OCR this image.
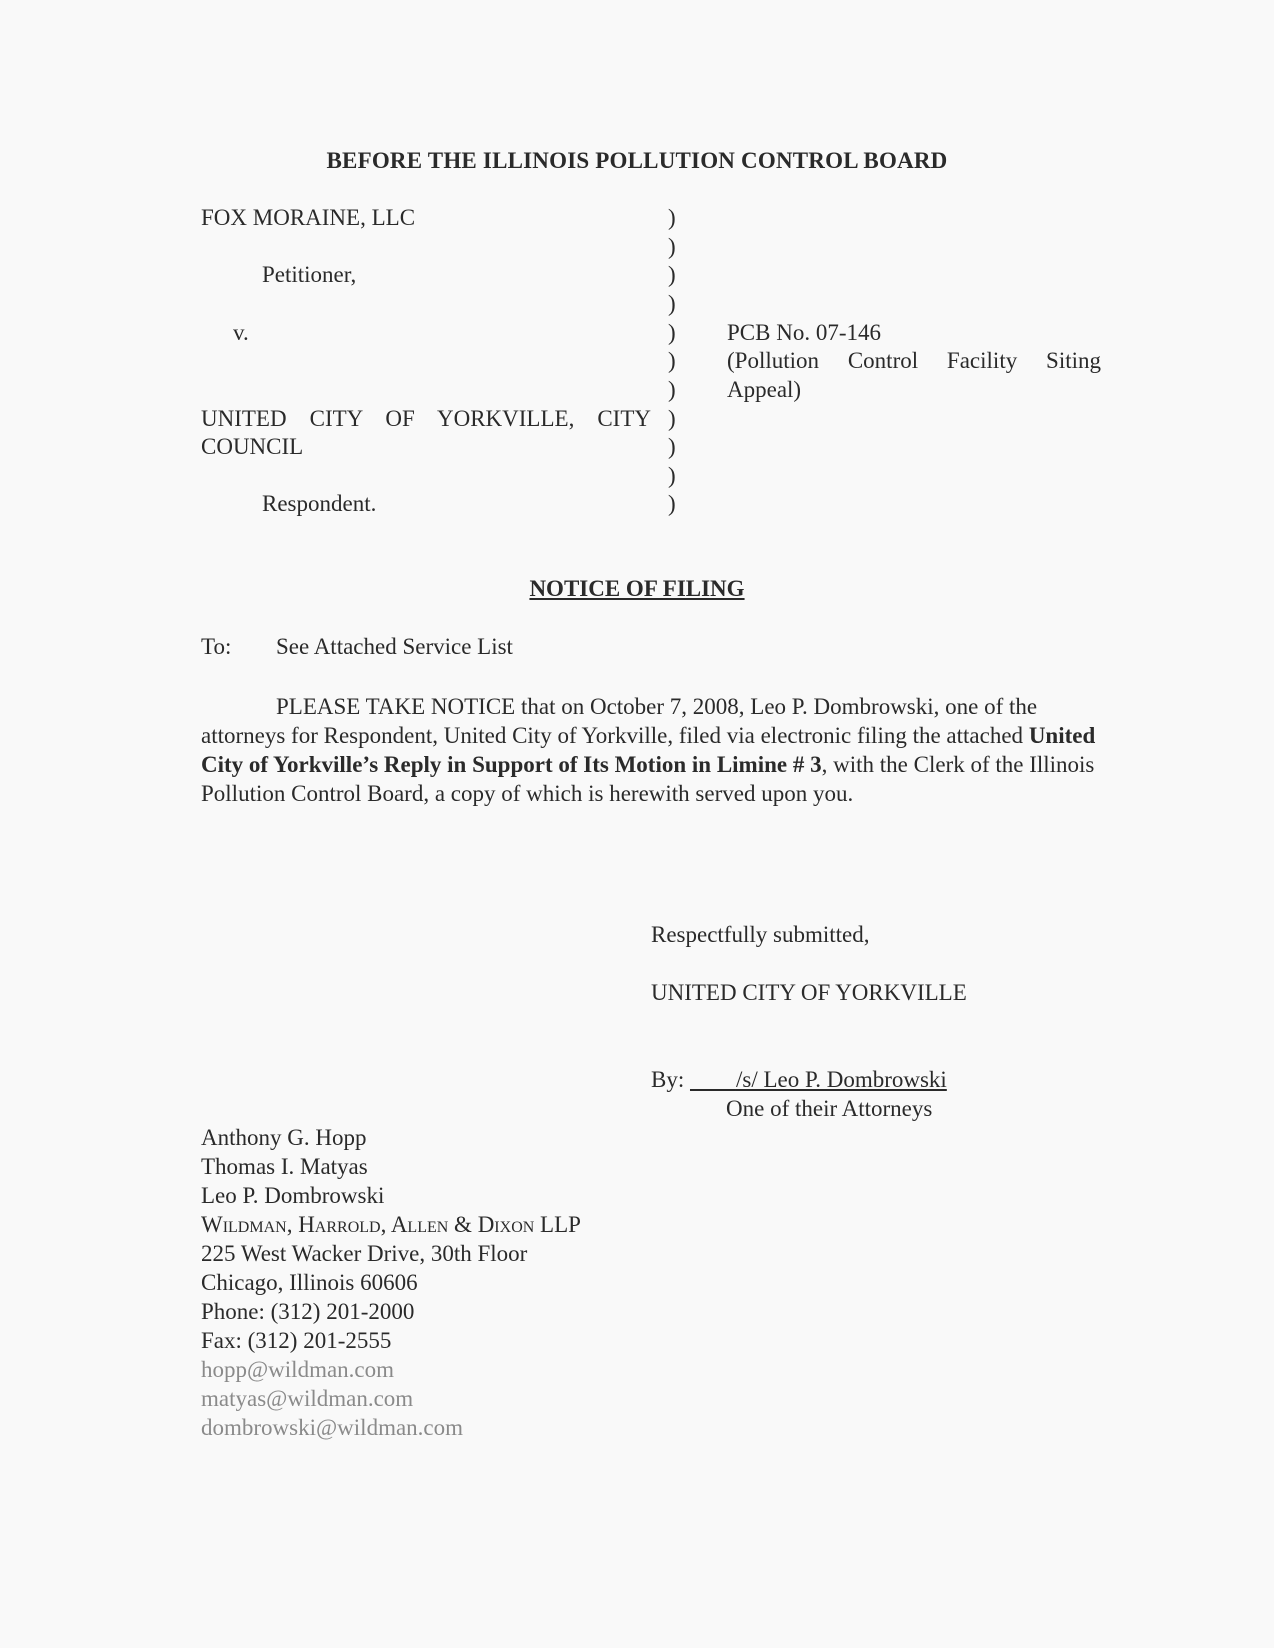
BEFORE THE ILLINOIS POLLUTION CONTROL BOARD
FOX MORAINE, LLC
Petitioner,
v.
UNITED CITY OF YORKVILLE, CITY
COUNCIL
Respondent.
)
)
)
)
)
)
)
)
)
)
)
PCB No. 07-146
(Pollution Control Facility Siting
Appeal)
NOTICE OF FILING
To: See Attached Service List

PLEASE TAKE NOTICE that on October 7, 2008, Leo P. Dombrowski, one of the attorneys for Respondent, United City of Yorkville, filed via electronic filing the attached United City of Yorkville’s Reply in Support of Its Motion in Limine # 3, with the Clerk of the Illinois Pollution Control Board, a copy of which is herewith served upon you.

Respectfully submitted,
UNITED CITY OF YORKVILLE
By: /s/ Leo P. Dombrowski
One of their Attorneys
Anthony G. Hopp
Thomas I. Matyas
Leo P. Dombrowski
Wildman, Harrold, Allen & Dixon LLP
225 West Wacker Drive, 30th Floor
Chicago, Illinois 60606
Phone: (312) 201-2000
Fax: (312) 201-2555
hopp@wildman.com
matyas@wildman.com
dombrowski@wildman.com
